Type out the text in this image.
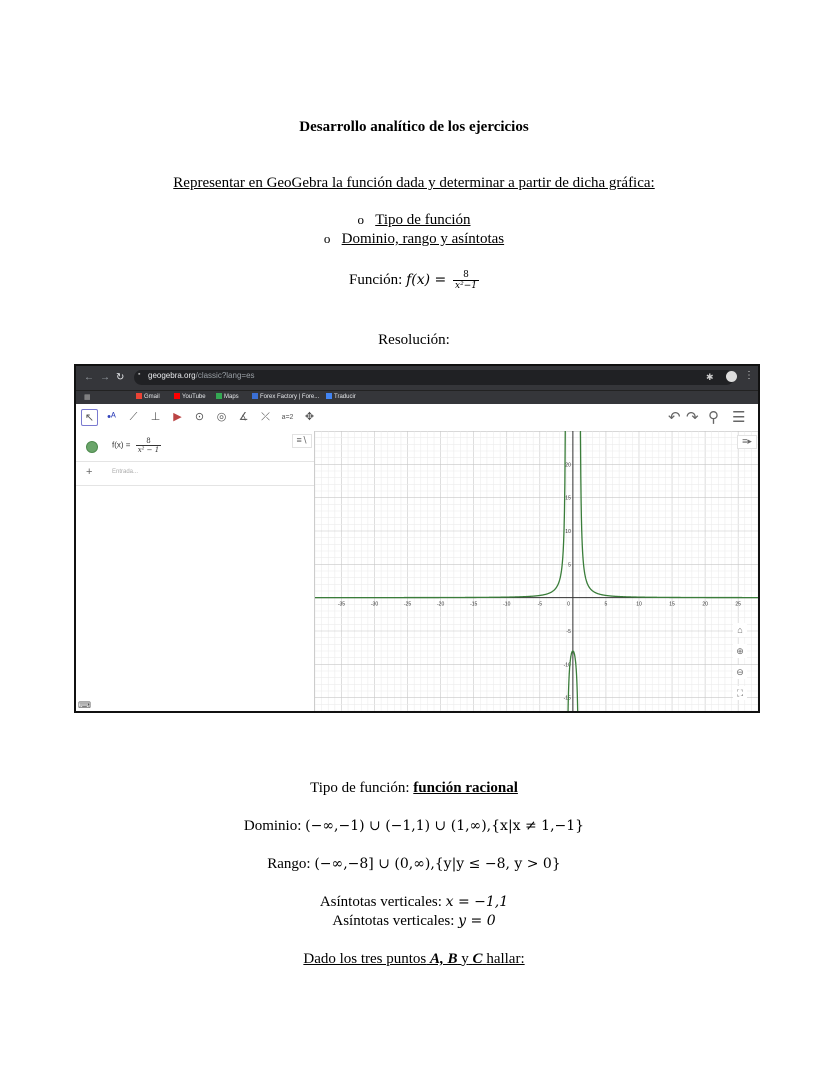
Desarrollo analítico de los ejercicios
Representar en GeoGebra la función dada y determinar a partir de dicha gráfica:
o Tipo de función
o Dominio, rango y asíntotas
Función: $f(x) = \frac{8}{\text{x²−1}}$
Resolución:
← → ↻ ▪ geogebra.org/classic?lang=es	✱	⋮
▦	Gmail	YouTube	Maps	Forex Factory | Fore...	Traducir
↖	•ᴬ	⟋	⊥	▶	⊙	◎	∡	⤫	a=2	✥	↶ ↷ ⚲ ☰
$f(x) = \frac{8}{\text{x² − 1}}$
+	Entrada...
≡∖
-35	-30	-25	-20	-15	-10	-5	5	10	15	20	25
0
-15
-10
-5
5
10
15
20
≡▸
⌂
⊕
⊖
⛶
⌨
Tipo de función: función racional
Dominio: (−∞,−1) ∪ (−1,1) ∪ (1,∞),{x|x ≠ 1,−1}
Rango: (−∞,−8] ∪ (0,∞),{y|y ≤ −8, y > 0}
Asíntotas verticales: x = −1,1
Asíntotas verticales: y = 0
Dado los tres puntos A, B y C hallar:
